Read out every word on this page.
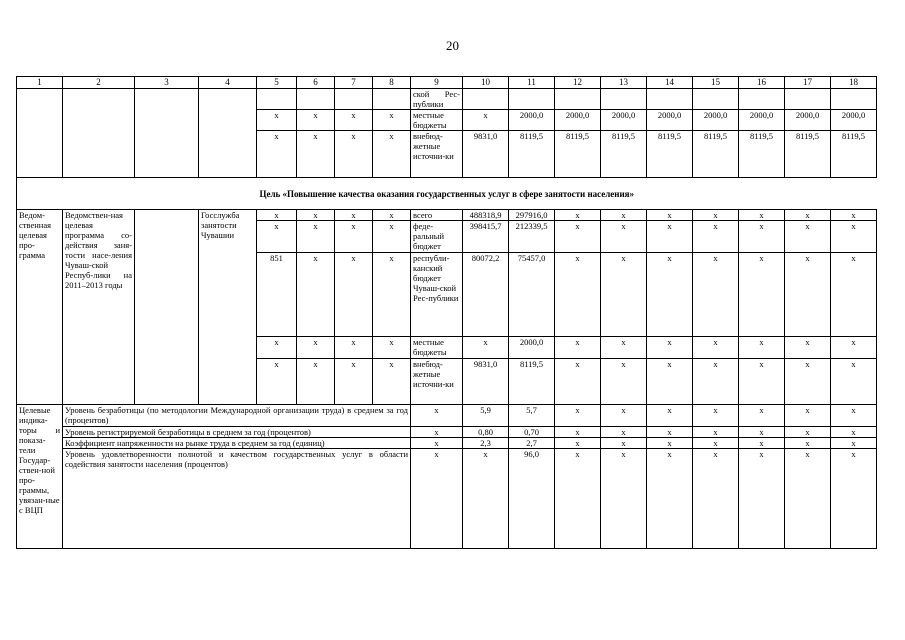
20
1	2	3	4	5	6	7	8	9	10	11	12	13	14	15	16	17	18
								ской Рес-публики									
				х	х	х	х	местные бюджеты	х	2000,0	2000,0	2000,0	2000,0	2000,0	2000,0	2000,0	2000,0
				х	х	х	х	внебюд-жетные источни-ки	9831,0	8119,5	8119,5	8119,5	8119,5	8119,5	8119,5	8119,5	8119,5
Цель «Повышение качества оказания государственных услуг в сфере занятости населения»																	
Ведом-ственная целевая про-грамма	Ведомствен-ная целевая программа со-действия заня-тости насе-ления Чуваш-ской Респуб-лики на 2011–2013 годы		Госслужба занятости Чувашии	х	х	х	х	всего	488318,9	297916,0	х	х	х	х	х	х	х
				х	х	х	х	феде-ральный бюджет	398415,7	212339,5	х	х	х	х	х	х	х
				851	х	х	х	республи-канский бюджет Чуваш-ской Рес-публики	80072,2	75457,0	х	х	х	х	х	х	х
				х	х	х	х	местные бюджеты	х	2000,0	х	х	х	х	х	х	х
				х	х	х	х	внебюд-жетные источни-ки	9831,0	8119,5	х	х	х	х	х	х	х
Целевые индика-торы и показа-тели Государ-ствен-ной про-граммы, увязан-ные с ВЦП	Уровень безработицы (по методологии Международной организации труда) в среднем за год (процентов)							х	5,9	5,7	х	х	х	х	х	х	х
	Уровень регистрируемой безработицы в среднем за год (процентов)							х	0,80	0,70	х	х	х	х	х	х	х
	Коэффициент напряженности на рынке труда в среднем за год (единиц)							х	2,3	2,7	х	х	х	х	х	х	х
	Уровень удовлетворенности полнотой и качеством государственных услуг в области содействия занятости населения (процентов)							х	х	96,0	х	х	х	х	х	х	х
